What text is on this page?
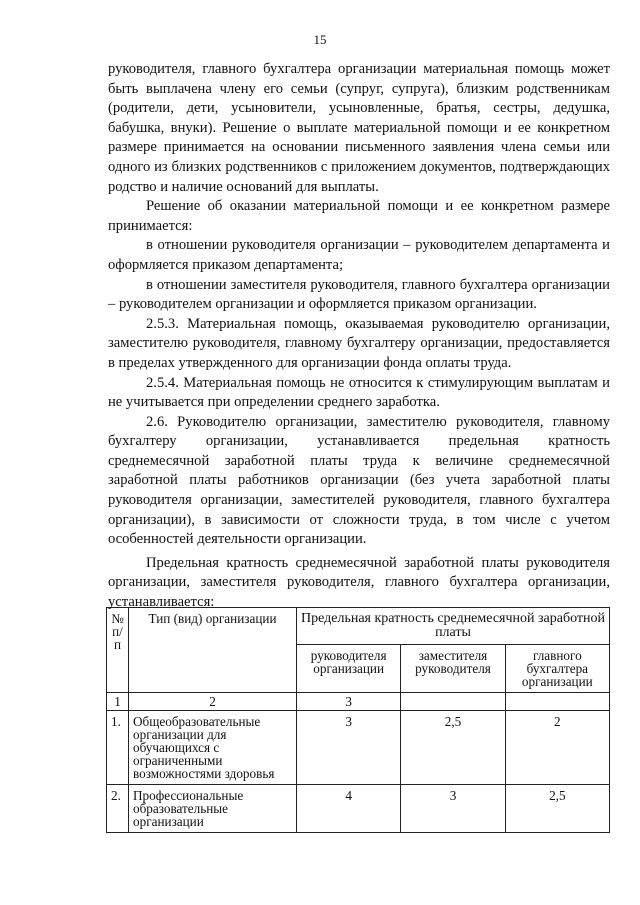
15

руководителя, главного бухгалтера организации материальная помощь может быть выплачена члену его семьи (супруг, супруга), близким родственникам (родители, дети, усыновители, усыновленные, братья, сестры, дедушка, бабушка, внуки). Решение о выплате материальной помощи и ее конкретном размере принимается на основании письменного заявления члена семьи или одного из близких родственников с приложением документов, подтверждающих родство и наличие оснований для выплаты.

Решение об оказании материальной помощи и ее конкретном размере принимается:

в отношении руководителя организации – руководителем департамента и оформляется приказом департамента;

в отношении заместителя руководителя, главного бухгалтера организации – руководителем организации и оформляется приказом организации.

2.5.3. Материальная помощь, оказываемая руководителю организации, заместителю руководителя, главному бухгалтеру организации, предоставляется в пределах утвержденного для организации фонда оплаты труда.

2.5.4. Материальная помощь не относится к стимулирующим выплатам и не учитывается при определении среднего заработка.

2.6. Руководителю организации, заместителю руководителя, главному бухгалтеру организации, устанавливается предельная кратность среднемесячной заработной платы труда к величине среднемесячной заработной платы работников организации (без учета заработной платы руководителя организации, заместителей руководителя, главного бухгалтера организации), в зависимости от сложности труда, в том числе с учетом особенностей деятельности организации.

Предельная кратность среднемесячной заработной платы руководителя организации, заместителя руководителя, главного бухгалтера организации, устанавливается:

№ п/п	Тип (вид) организации	Предельная кратность среднемесячной заработной платы		
		руководителя организации	заместителя руководителя	главного бухгалтера организации
1	2	3		
1.	Общеобразовательные организации для обучающихся с ограниченными возможностями здоровья	3	2,5	2
2.	Профессиональные образовательные организации	4	3	2,5
